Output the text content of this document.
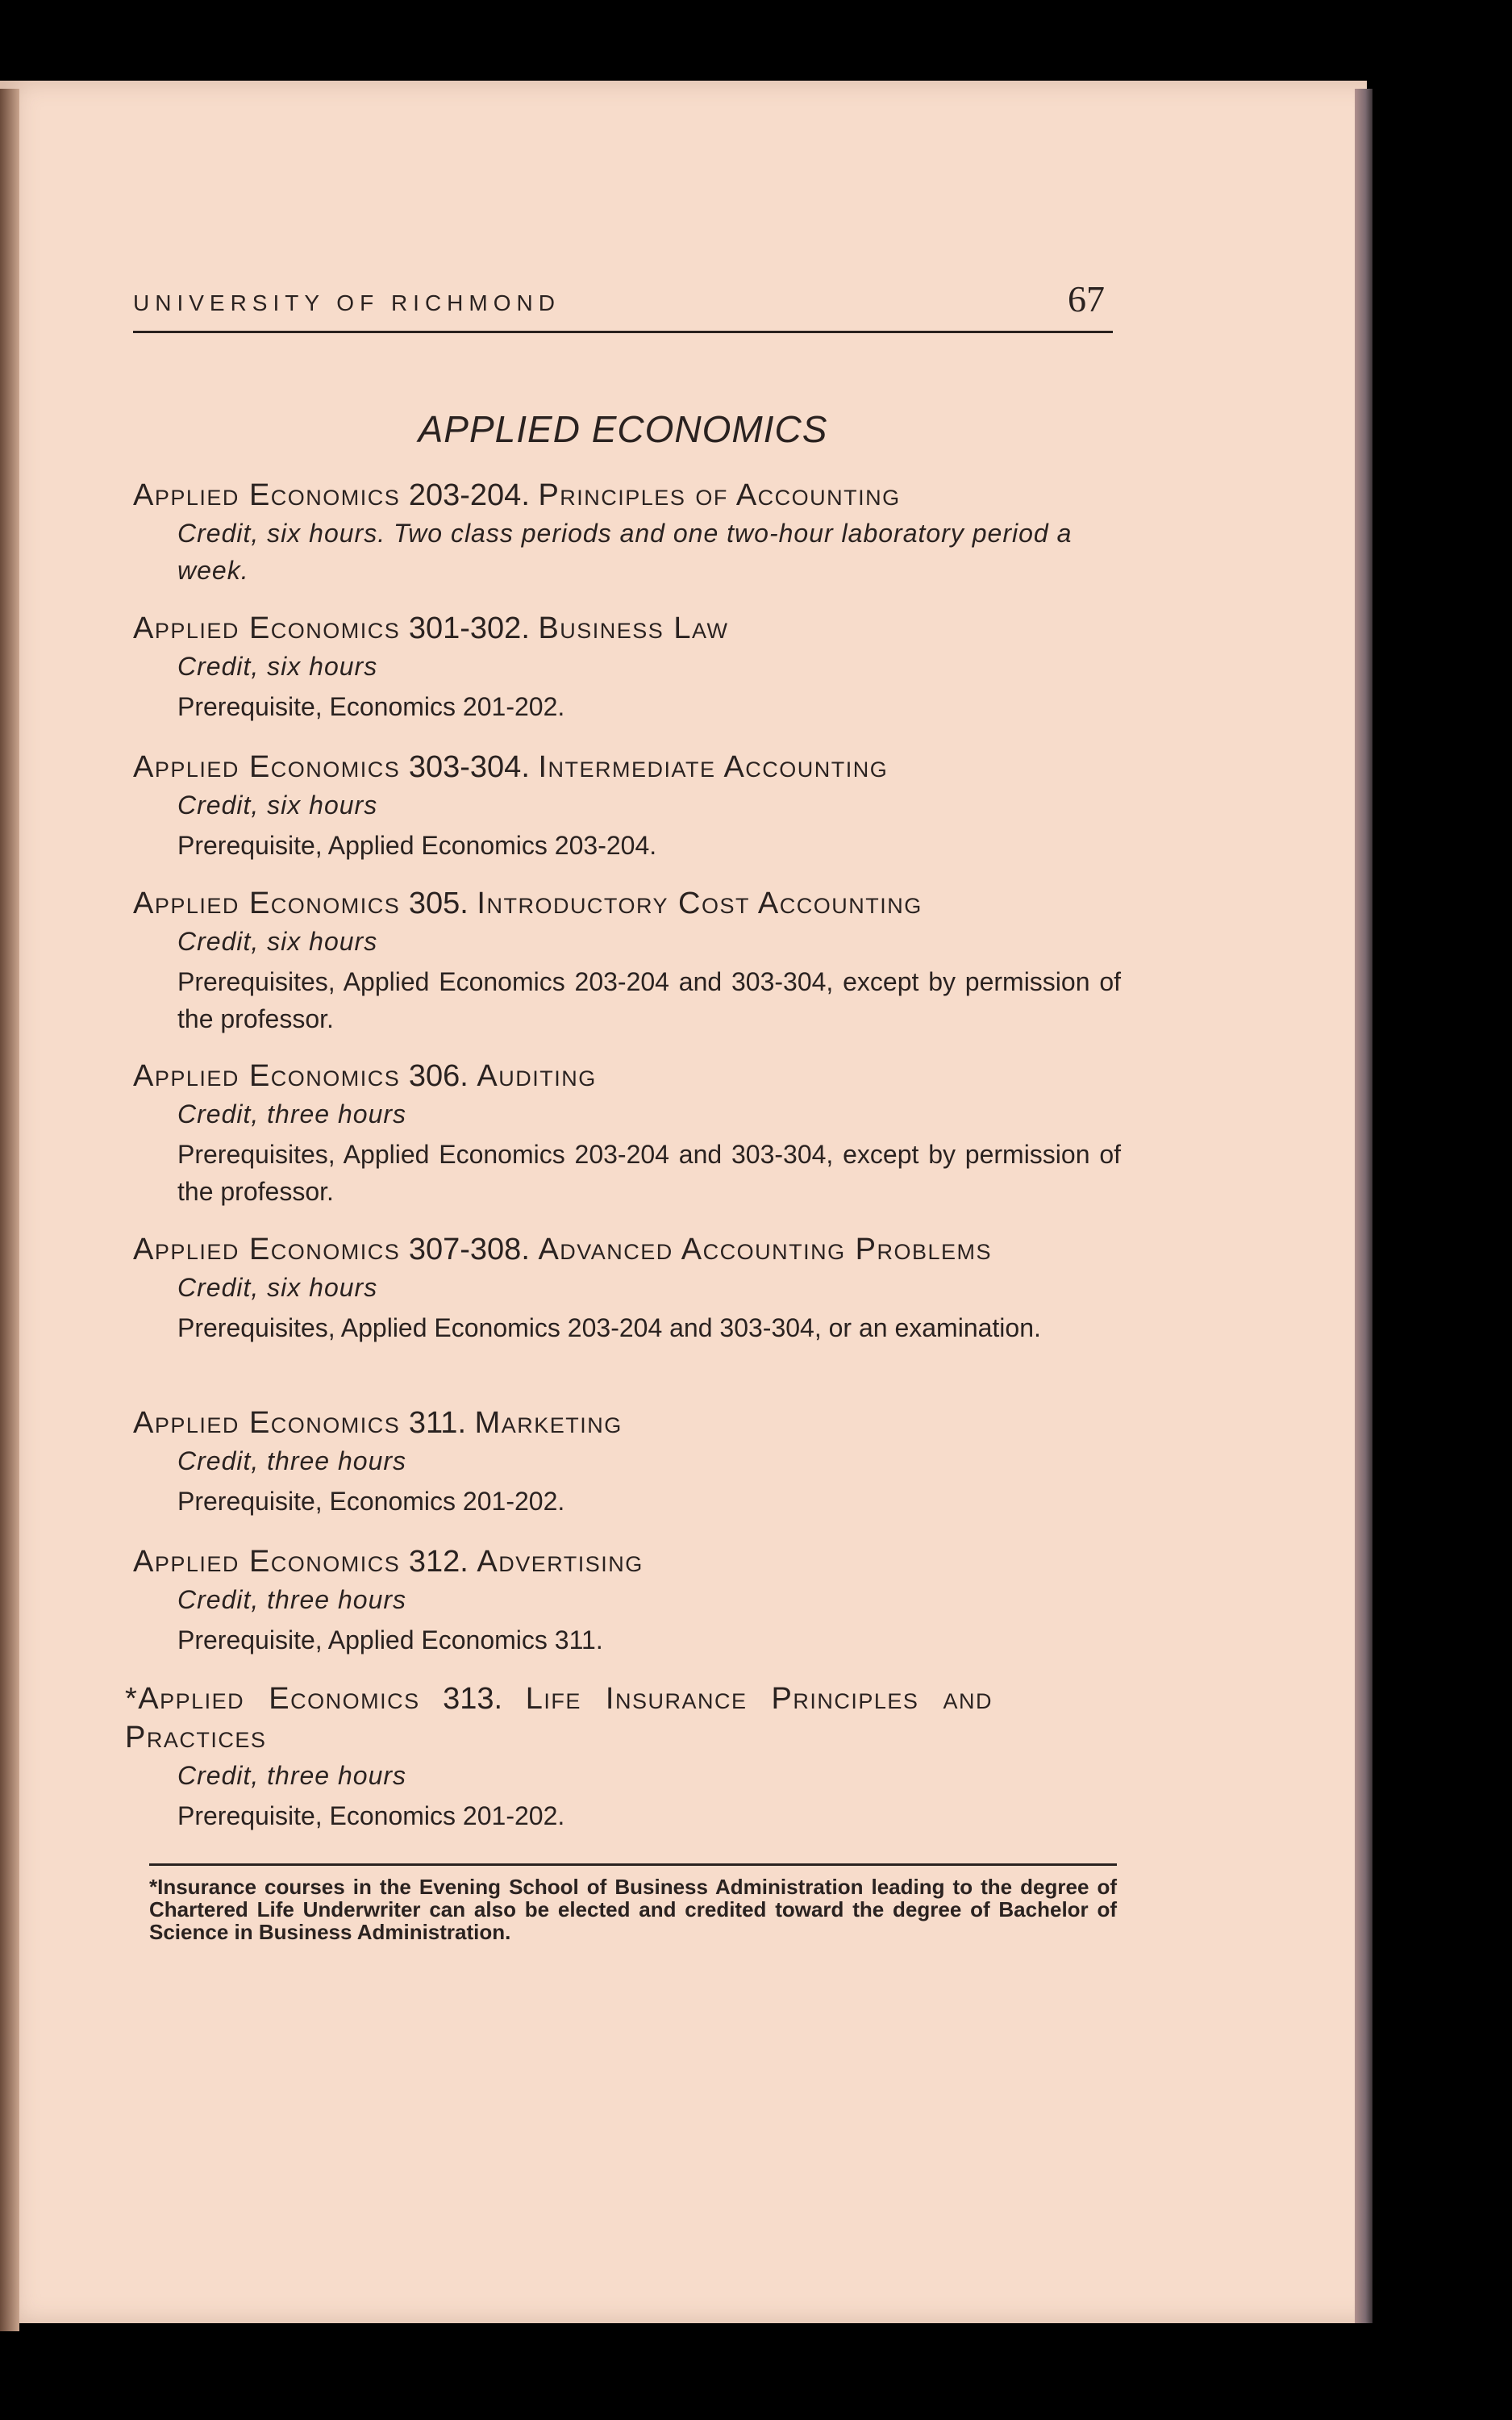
UNIVERSITY OF RICHMOND	67
APPLIED ECONOMICS
Applied Economics 203-204. Principles of Accounting
Credit, six hours. Two class periods and one two-hour laboratory period a week.
Applied Economics 301-302. Business Law
Credit, six hours
Prerequisite, Economics 201-202.
Applied Economics 303-304. Intermediate Accounting
Credit, six hours
Prerequisite, Applied Economics 203-204.
Applied Economics 305. Introductory Cost Accounting
Credit, six hours
Prerequisites, Applied Economics 203-204 and 303-304, except by permission of the professor.
Applied Economics 306. Auditing
Credit, three hours
Prerequisites, Applied Economics 203-204 and 303-304, except by permission of the professor.
Applied Economics 307-308. Advanced Accounting Problems
Credit, six hours
Prerequisites, Applied Economics 203-204 and 303-304, or an examination.
Applied Economics 311. Marketing
Credit, three hours
Prerequisite, Economics 201-202.
Applied Economics 312. Advertising
Credit, three hours
Prerequisite, Applied Economics 311.
*Applied Economics 313. Life Insurance Principles and Practices
Credit, three hours
Prerequisite, Economics 201-202.
*Insurance courses in the Evening School of Business Administration leading to the degree of Chartered Life Underwriter can also be elected and credited toward the degree of Bachelor of Science in Business Administration.
